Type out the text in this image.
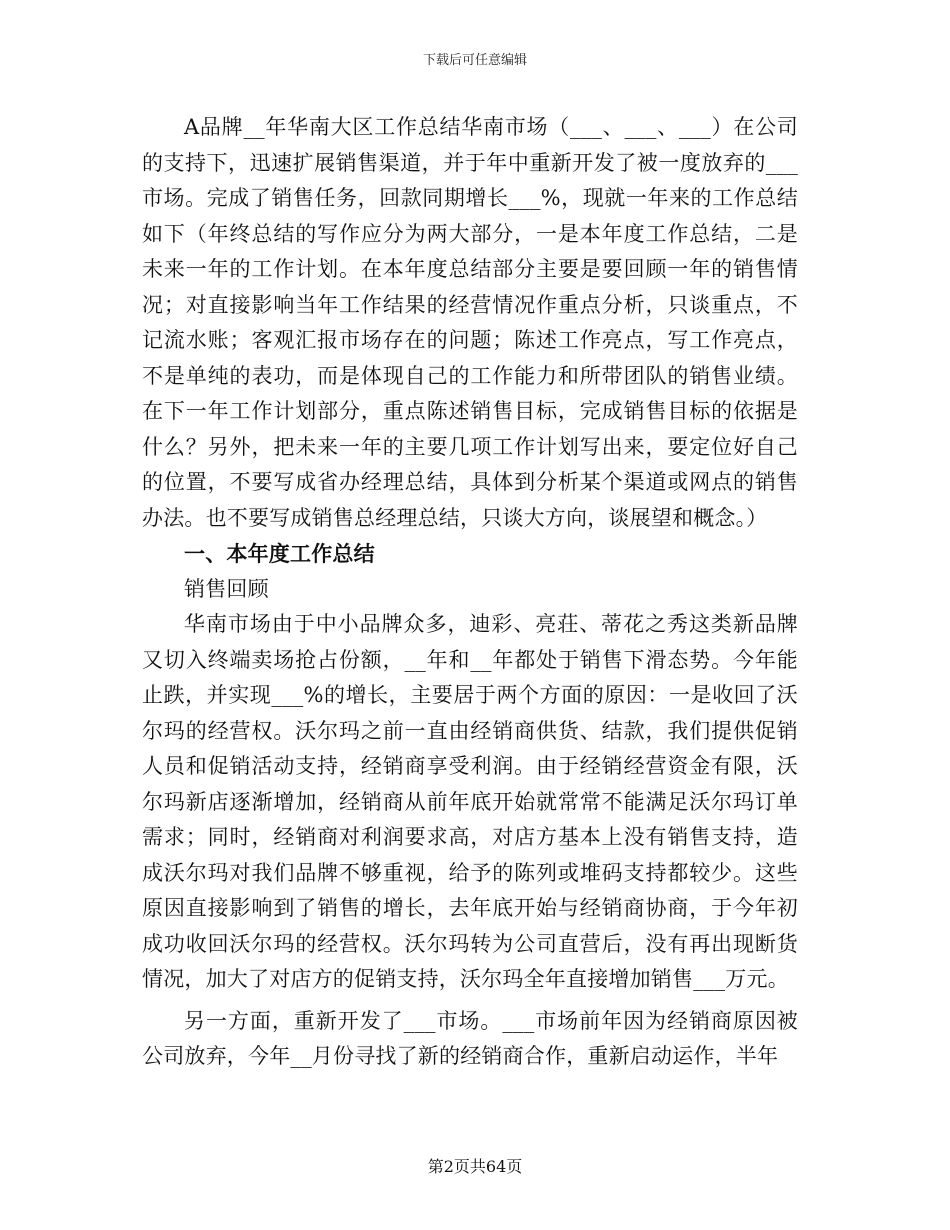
下载后可任意编辑

A品牌__年华南大区工作总结华南市场（___、___、___）在公司的支持下，迅速扩展销售渠道，并于年中重新开发了被一度放弃的___市场。完成了销售任务，回款同期增长___%，现就一年来的工作总结如下（年终总结的写作应分为两大部分，一是本年度工作总结，二是未来一年的工作计划。在本年度总结部分主要是要回顾一年的销售情况；对直接影响当年工作结果的经营情况作重点分析，只谈重点，不记流水账；客观汇报市场存在的问题；陈述工作亮点，写工作亮点，不是单纯的表功，而是体现自己的工作能力和所带团队的销售业绩。在下一年工作计划部分，重点陈述销售目标，完成销售目标的依据是什么？另外，把未来一年的主要几项工作计划写出来，要定位好自己的位置，不要写成省办经理总结，具体到分析某个渠道或网点的销售办法。也不要写成销售总经理总结，只谈大方向，谈展望和概念。）

一、本年度工作总结

销售回顾

华南市场由于中小品牌众多，迪彩、亮荘、蒂花之秀这类新品牌又切入终端卖场抢占份额，__年和__年都处于销售下滑态势。今年能止跌，并实现___%的增长，主要居于两个方面的原因：一是收回了沃尔玛的经营权。沃尔玛之前一直由经销商供货、结款，我们提供促销人员和促销活动支持，经销商享受利润。由于经销经营资金有限，沃尔玛新店逐渐增加，经销商从前年底开始就常常不能满足沃尔玛订单需求；同时，经销商对利润要求高，对店方基本上没有销售支持，造成沃尔玛对我们品牌不够重视，给予的陈列或堆码支持都较少。这些原因直接影响到了销售的增长，去年底开始与经销商协商，于今年初成功收回沃尔玛的经营权。沃尔玛转为公司直营后，没有再出现断货情况，加大了对店方的促销支持，沃尔玛全年直接增加销售___万元。

另一方面，重新开发了___市场。___市场前年因为经销商原因被公司放弃，今年__月份寻找了新的经销商合作，重新启动运作，半年

第2页共64页
